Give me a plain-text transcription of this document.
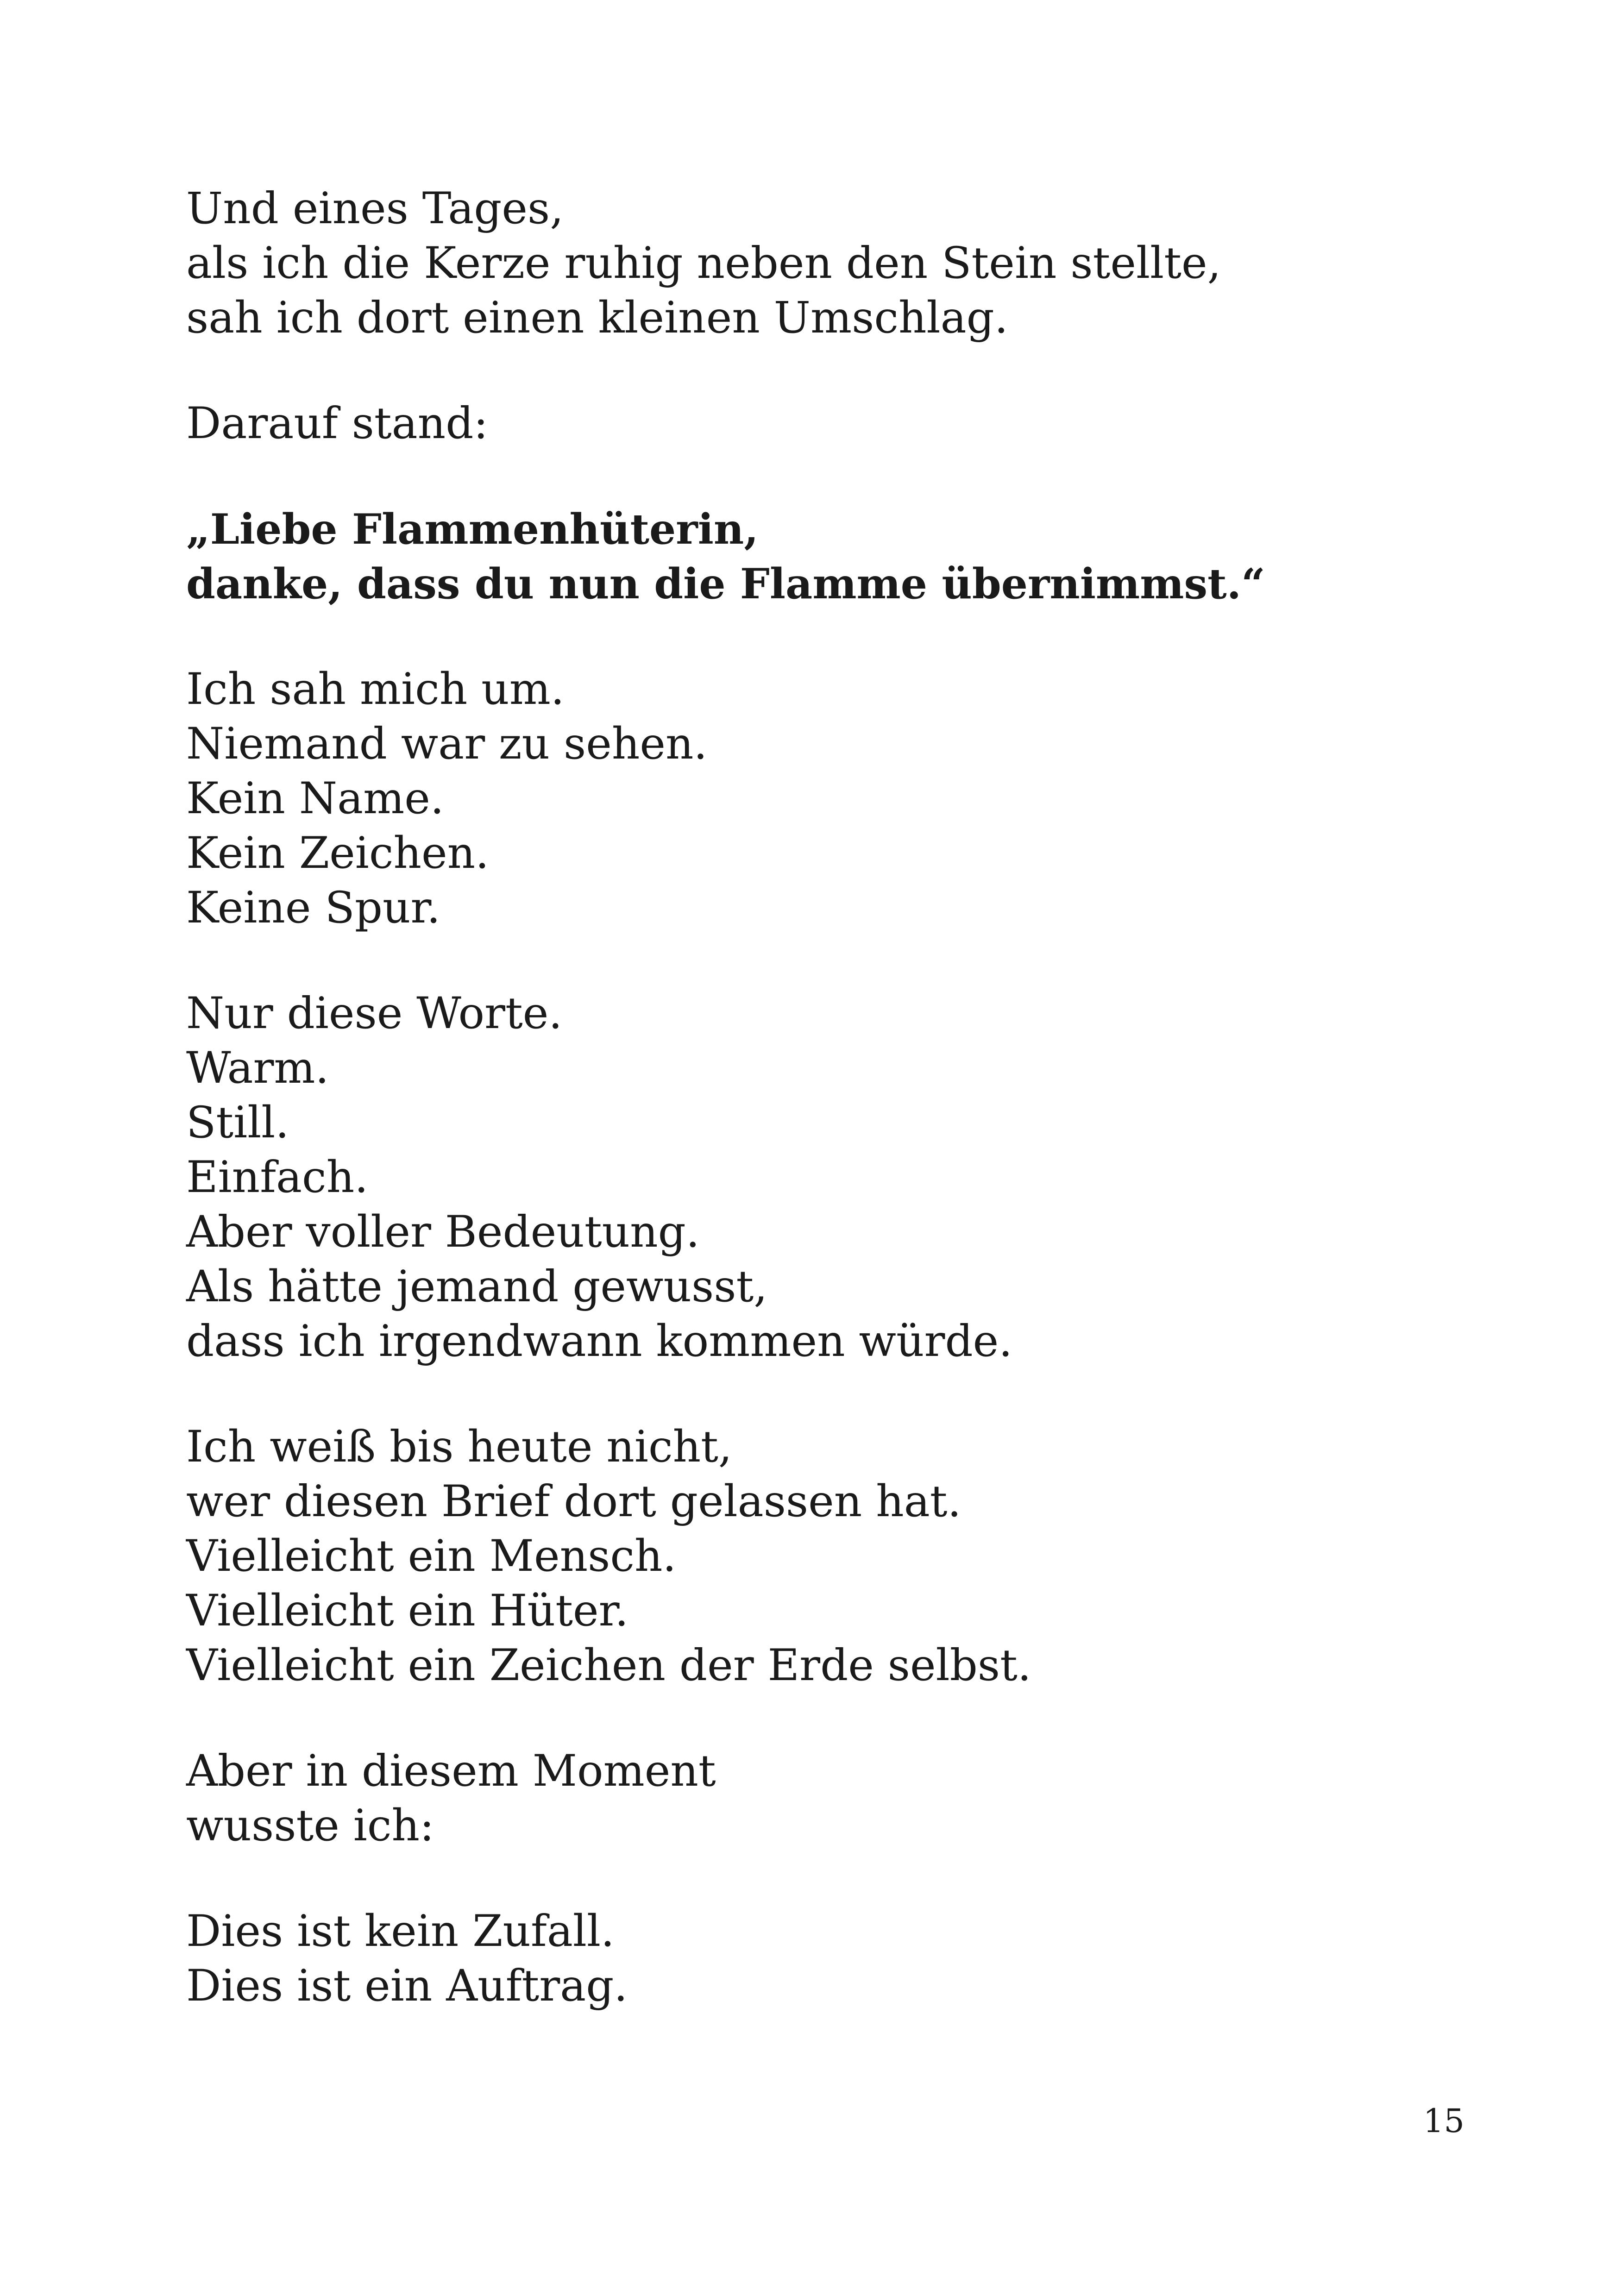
Und eines Tages,
als ich die Kerze ruhig neben den Stein stellte,
sah ich dort einen kleinen Umschlag.
Darauf stand:
„Liebe Flammenhüterin,
danke, dass du nun die Flamme übernimmst.“
Ich sah mich um.
Niemand war zu sehen.
Kein Name.
Kein Zeichen.
Keine Spur.
Nur diese Worte.
Warm.
Still.
Einfach.
Aber voller Bedeutung.
Als hätte jemand gewusst,
dass ich irgendwann kommen würde.
Ich weiß bis heute nicht,
wer diesen Brief dort gelassen hat.
Vielleicht ein Mensch.
Vielleicht ein Hüter.
Vielleicht ein Zeichen der Erde selbst.
Aber in diesem Moment
wusste ich:
Dies ist kein Zufall.
Dies ist ein Auftrag.
15
